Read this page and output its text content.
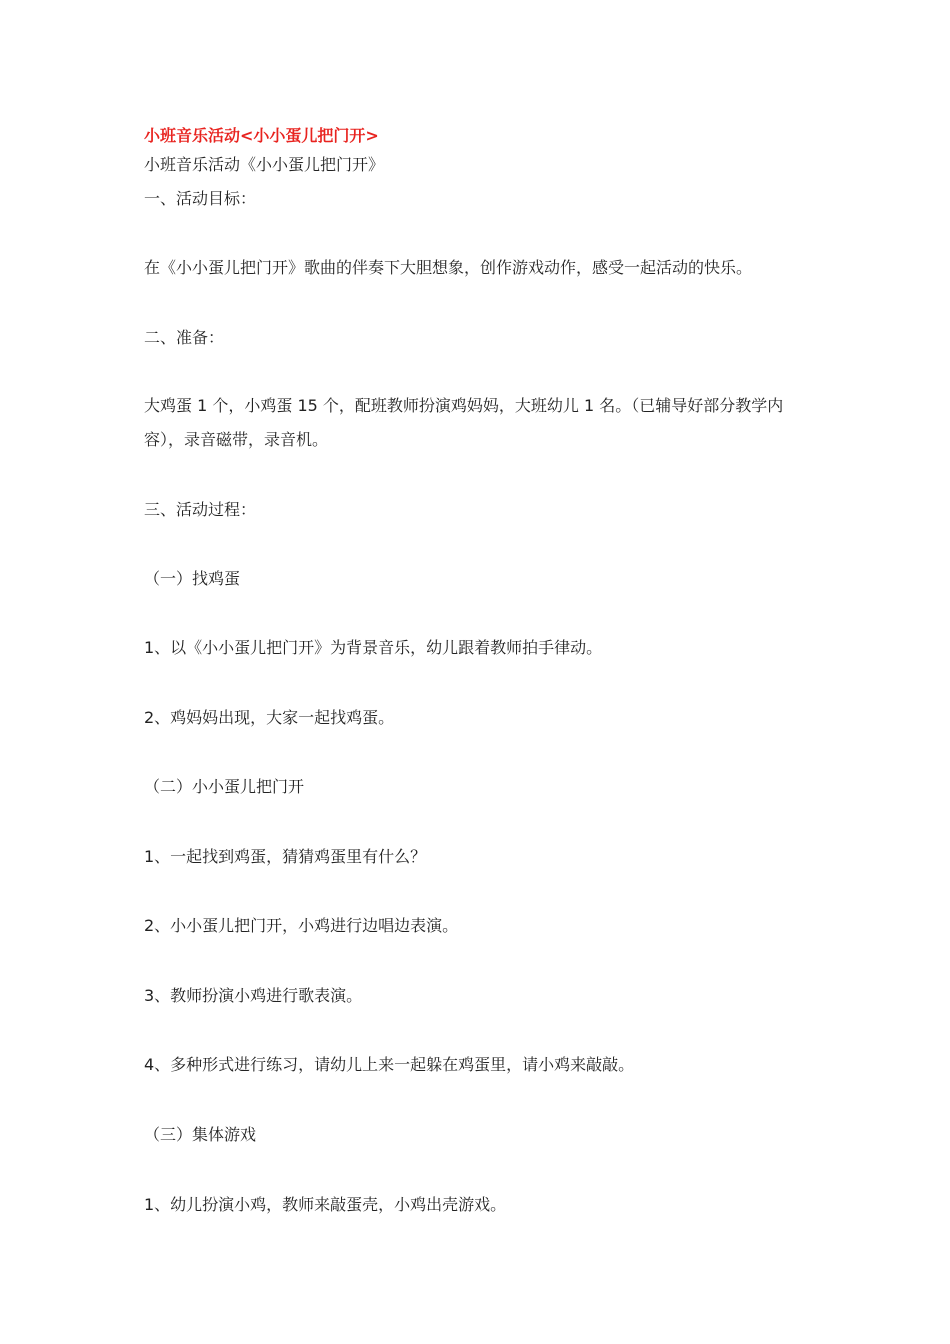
小班音乐活动<小小蛋儿把门开>
小班音乐活动《小小蛋儿把门开》
一、活动目标：
在《小小蛋儿把门开》歌曲的伴奏下大胆想象，创作游戏动作，感受一起活动的快乐。
二、准备：
大鸡蛋 1 个，小鸡蛋 15 个，配班教师扮演鸡妈妈，大班幼儿 1 名。（已辅导好部分教学内容），录音磁带，录音机。
三、活动过程：
（一）找鸡蛋
1、以《小小蛋儿把门开》为背景音乐，幼儿跟着教师拍手律动。
2、鸡妈妈出现，大家一起找鸡蛋。
（二）小小蛋儿把门开
1、一起找到鸡蛋，猜猜鸡蛋里有什么？
2、小小蛋儿把门开，小鸡进行边唱边表演。
3、教师扮演小鸡进行歌表演。
4、多种形式进行练习，请幼儿上来一起躲在鸡蛋里，请小鸡来敲敲。
（三）集体游戏
1、幼儿扮演小鸡，教师来敲蛋壳，小鸡出壳游戏。
